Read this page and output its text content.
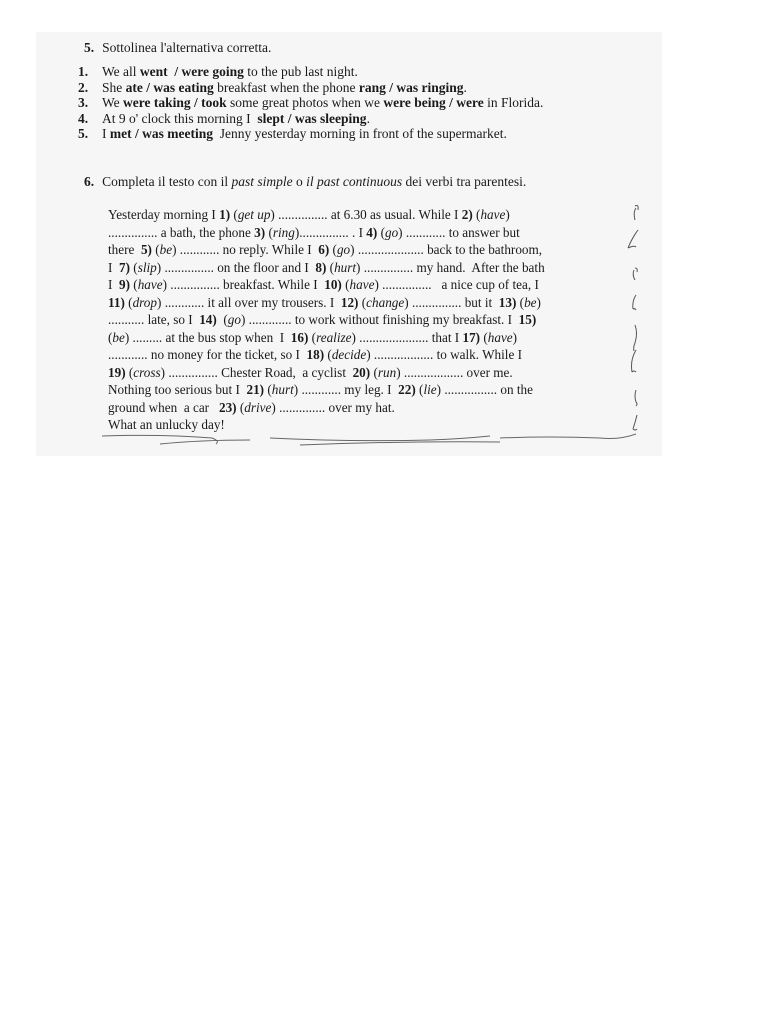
5. Sottolinea l'alternativa corretta.
1. We all went  / were going to the pub last night.
2. She ate / was eating breakfast when the phone rang / was ringing.
3. We were taking / took some great photos when we were being / were in Florida.
4. At 9 o' clock this morning I  slept / was sleeping.
5. I met / was meeting  Jenny yesterday morning in front of the supermarket.
6. Completa il testo con il past simple o il past continuous dei verbi tra parentesi.
Yesterday morning I 1) (get up) ............... at 6.30 as usual. While I 2) (have)
............... a bath, the phone 3) (ring)............... . I 4) (go) ............ to answer but
there  5) (be) ............ no reply. While I  6) (go) .................... back to the bathroom,
I  7) (slip) ............... on the floor and I  8) (hurt) ............... my hand.  After the bath
I  9) (have) ............... breakfast. While I  10) (have) ...............   a nice cup of tea, I
11) (drop) ............ it all over my trousers. I  12) (change) ............... but it  13) (be)
........... late, so I  14)  (go) ............. to work without finishing my breakfast. I  15)
(be) ......... at the bus stop when  I  16) (realize) ..................... that I 17) (have)
............ no money for the ticket, so I  18) (decide) .................. to walk. While I
19) (cross) ............... Chester Road,  a cyclist  20) (run) .................. over me.
Nothing too serious but I  21) (hurt) ............ my leg. I  22) (lie) ................ on the
ground when  a car   23) (drive) .............. over my hat.
What an unlucky day!
